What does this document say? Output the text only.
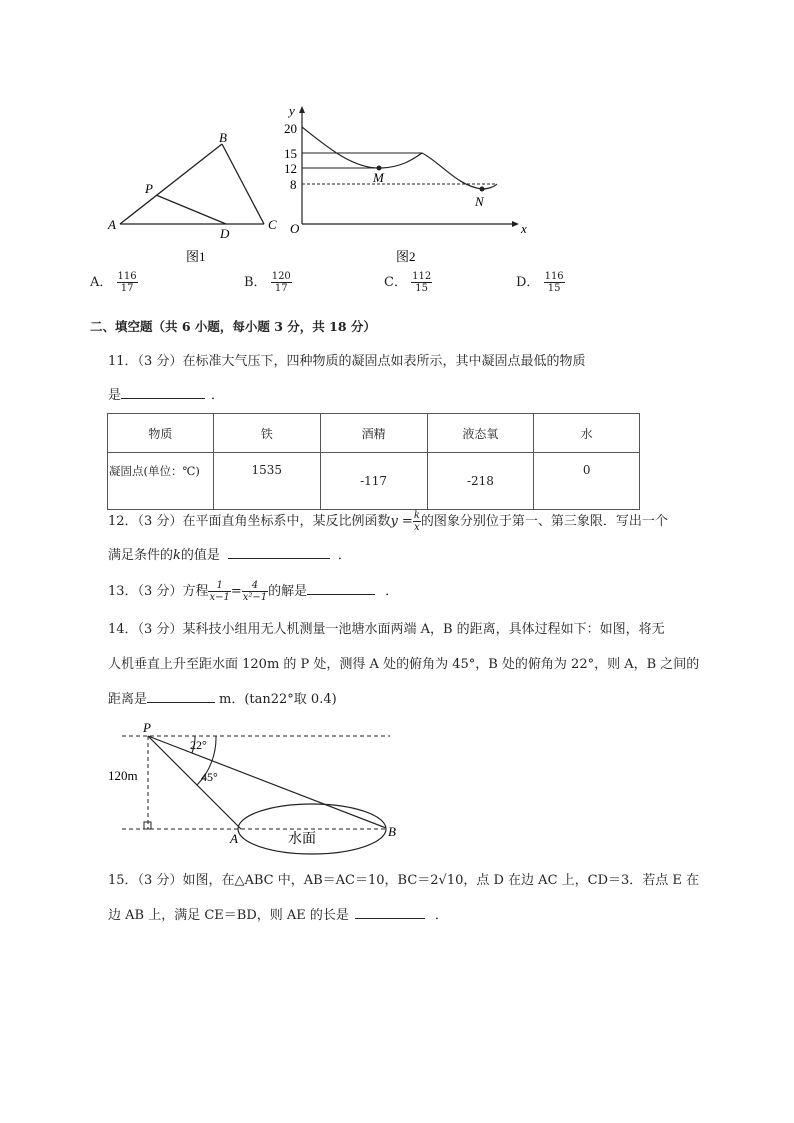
A
B
C
D
P
图1
y
x
O
20
15
12
8	M
N
图2
A． $\frac{116}{17}$	B． $\frac{120}{17}$	C． $\frac{112}{15}$	D． $\frac{116}{15}$
二、填空题（共 6 小题，每小题 3 分，共 18 分）
11．（3 分）在标准大气压下，四种物质的凝固点如表所示，其中凝固点最低的物质
是	．
物质	铁	酒精	液态氧	水
凝固点(单位：℃)	1535	-117	-218	0
12．（3 分）在平面直角坐标系中，某反比例函数$y = \frac{k}{x}$ 的图象分别位于第一、第三象限．写出一个
满足条件的k的值是	．
13．（3 分）方程 $\frac{1}{x-1} = \frac{4}{\text{x²−1}}$ 的解是	．
14．（3 分）某科技小组用无人机测量一池塘水面两端 A，B 的距离，具体过程如下：如图，将无
人机垂直上升至距水面 120m 的 P 处，测得 A 处的俯角为 45°，B 处的俯角为 22°，则 A，B 之间的
距离是	m．(tan22°取 0.4)
P
22°
45°
120m
A	B
水面
15．（3 分）如图，在△ABC 中，AB＝AC＝10，BC＝2√10，点 D 在边 AC 上，CD＝3．若点 E 在
边 AB 上，满足 CE＝BD，则 AE 的长是	．
